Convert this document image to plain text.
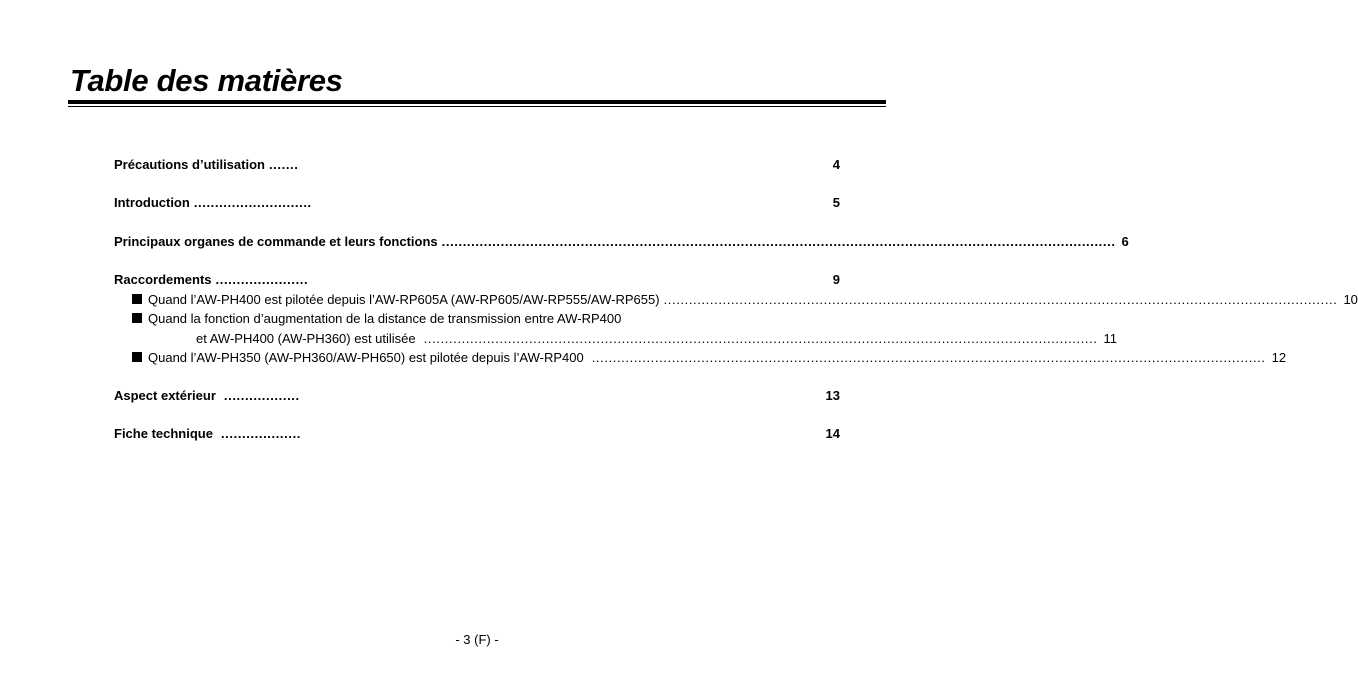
Table des matières
Précautions d’utilisation .......	4
Introduction ............................	5
Principaux organes de commande et leurs fonctions ................................................................................................................................................................ 6
Raccordements ......................	9
Quand l’AW-PH400 est pilotée depuis l’AW-RP605A (AW-RP605/AW-RP555/AW-RP655) ................................................................................................................................................................ 10
Quand la fonction d’augmentation de la distance de transmission entre AW-RP400
et AW-PH400 (AW-PH360) est utilisée ................................................................................................................................................................ 11
Quand l’AW-PH350 (AW-PH360/AW-PH650) est pilotée depuis l’AW-RP400 ................................................................................................................................................................ 12
Aspect extérieur ..................	13
Fiche technique ...................	14
- 3 (F) -
